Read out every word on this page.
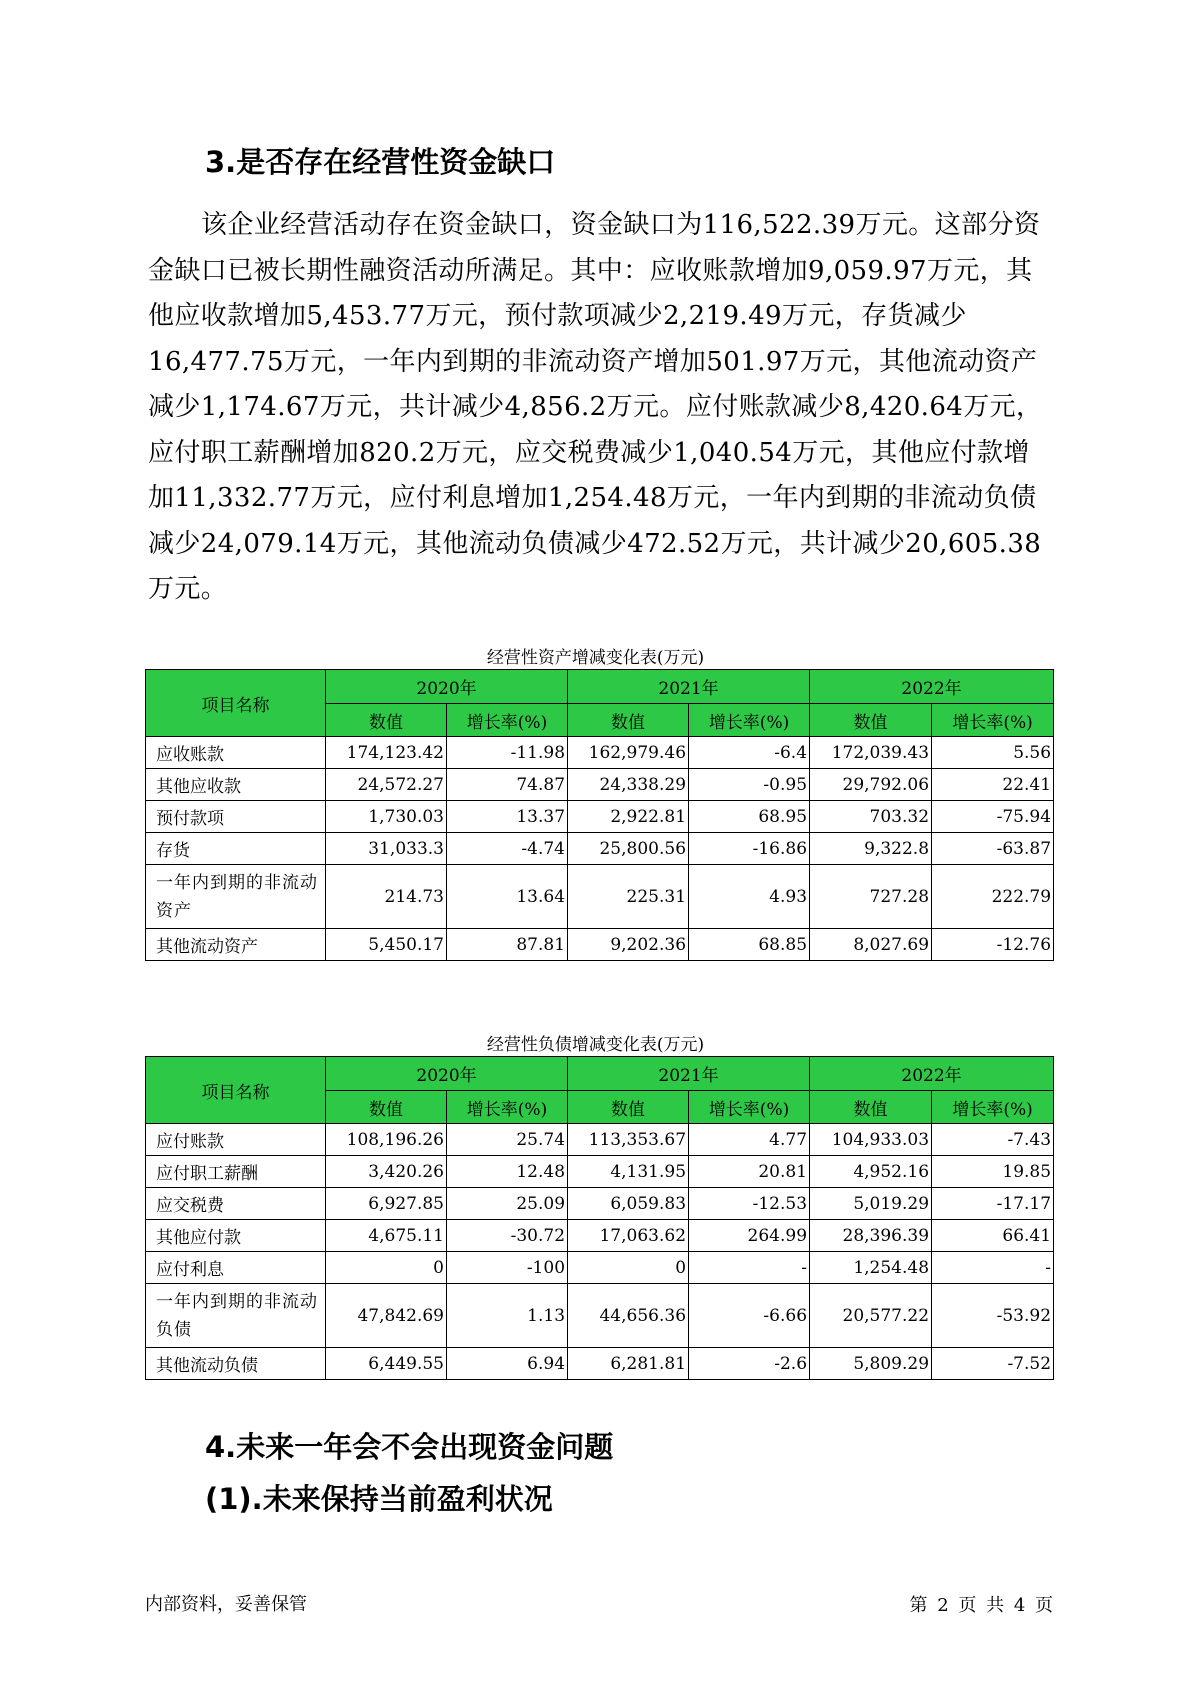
3.是否存在经营性资金缺口

该企业经营活动存在资金缺口，资金缺口为116,522.39万元。这部分资金缺口已被长期性融资活动所满足。其中：应收账款增加9,059.97万元，其他应收款增加5,453.77万元，预付款项减少2,219.49万元，存货减少16,477.75万元，一年内到期的非流动资产增加501.97万元，其他流动资产减少1,174.67万元，共计减少4,856.2万元。应付账款减少8,420.64万元，应付职工薪酬增加820.2万元，应交税费减少1,040.54万元，其他应付款增加11,332.77万元，应付利息增加1,254.48万元，一年内到期的非流动负债减少24,079.14万元，其他流动负债减少472.52万元，共计减少20,605.38万元。

经营性资产增减变化表(万元)
项目名称	2020年		2021年		2022年	
	数值	增长率(%)	数值	增长率(%)	数值	增长率(%)
应收账款	174,123.42	-11.98	162,979.46	-6.4	172,039.43	5.56
其他应收款	24,572.27	74.87	24,338.29	-0.95	29,792.06	22.41
预付款项	1,730.03	13.37	2,922.81	68.95	703.32	-75.94
存货	31,033.3	-4.74	25,800.56	-16.86	9,322.8	-63.87
一年内到期的非流动资产	214.73	13.64	225.31	4.93	727.28	222.79
其他流动资产	5,450.17	87.81	9,202.36	68.85	8,027.69	-12.76
经营性负债增减变化表(万元)
项目名称	2020年		2021年		2022年	
	数值	增长率(%)	数值	增长率(%)	数值	增长率(%)
应付账款	108,196.26	25.74	113,353.67	4.77	104,933.03	-7.43
应付职工薪酬	3,420.26	12.48	4,131.95	20.81	4,952.16	19.85
应交税费	6,927.85	25.09	6,059.83	-12.53	5,019.29	-17.17
其他应付款	4,675.11	-30.72	17,063.62	264.99	28,396.39	66.41
应付利息	0	-100	0	-	1,254.48	-
一年内到期的非流动负债	47,842.69	1.13	44,656.36	-6.66	20,577.22	-53.92
其他流动负债	6,449.55	6.94	6,281.81	-2.6	5,809.29	-7.52
4.未来一年会不会出现资金问题
(1).未来保持当前盈利状况
内部资料，妥善保管	第 2 页 共 4 页
